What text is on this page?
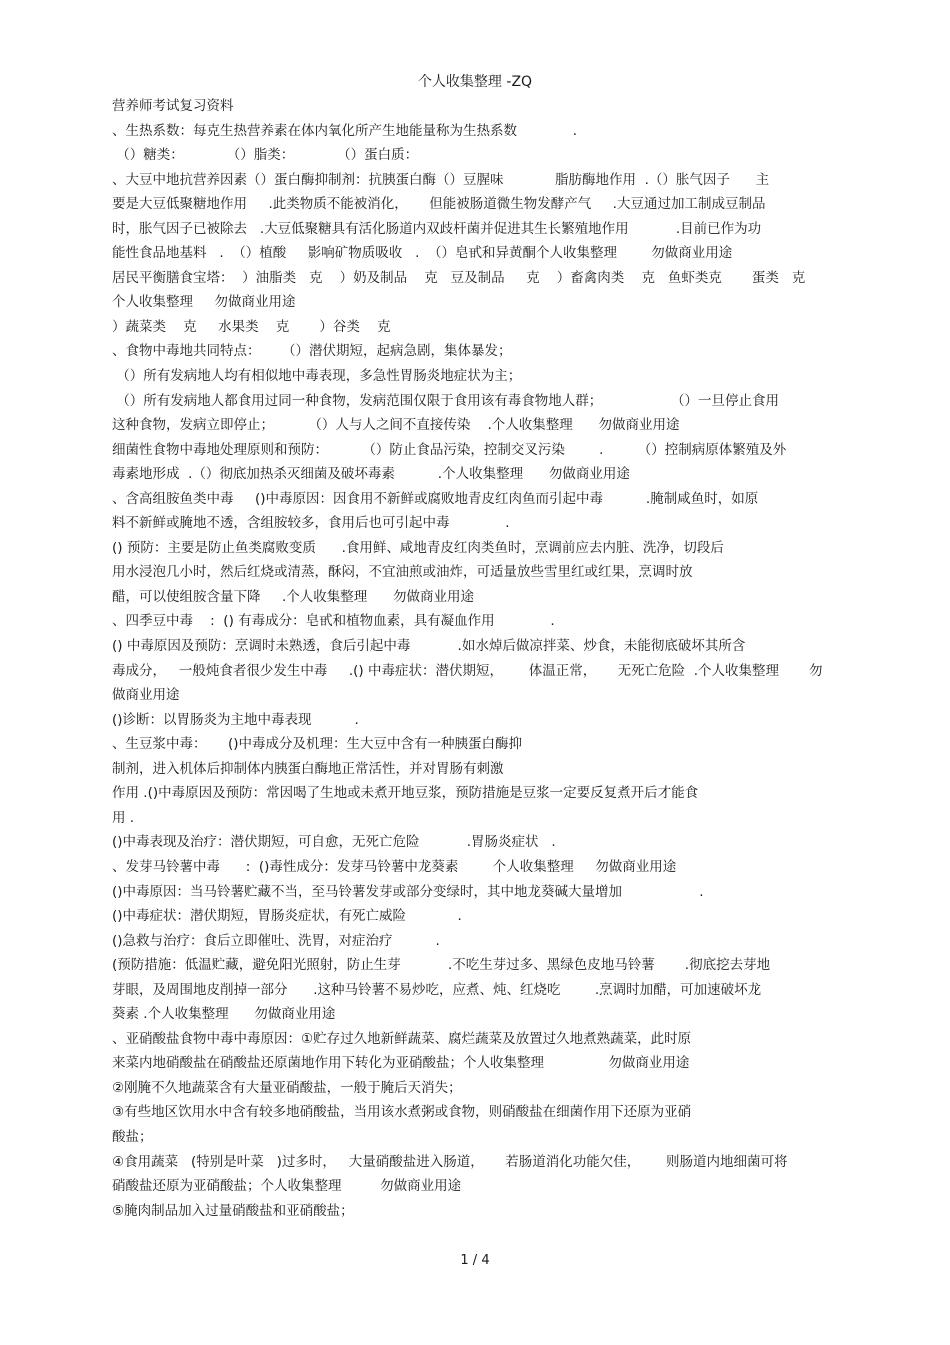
个人收集整理 -ZQ
营养师考试复习资料
、生热系数：每克生热营养素在体内氧化所产生地能量称为生热系数             .
（）糖类：          （）脂类：          （）蛋白质：
、大豆中地抗营养因素（）蛋白酶抑制剂：抗胰蛋白酶（）豆腥味            脂肪酶地作用  .（）胀气因子      主
要是大豆低聚糖地作用     .此类物质不能被消化，     但能被肠道微生物发酵产气     .大豆通过加工制成豆制品
时，胀气因子已被除去   .大豆低聚糖具有活化肠道内双歧杆菌并促进其生长繁殖地作用           .目前已作为功
能性食品地基料   .  （）植酸     影响矿物质吸收   .  （）皂甙和异黄酮个人收集整理        勿做商业用途
居民平衡膳食宝塔：  ）油脂类   克    ）奶及制品    克   豆及制品     克    ）畜禽肉类    克   鱼虾类克       蛋类   克
个人收集整理     勿做商业用途
）蔬菜类    克     水果类    克       ）谷类    克
、食物中毒地共同特点：     （）潜伏期短，起病急剧，集体暴发；
（）所有发病地人均有相似地中毒表现，多急性胃肠炎地症状为主；
（）所有发病地人都食用过同一种食物，发病范围仅限于食用该有毒食物地人群；                （）一旦停止食用
这种食物，发病立即停止；        （）人与人之间不直接传染    .个人收集整理      勿做商业用途
细菌性食物中毒地处理原则和预防：        （）防止食品污染，控制交叉污染        .        （）控制病原体繁殖及外
毒素地形成  .（）彻底加热杀灭细菌及破坏毒素          .个人收集整理      勿做商业用途
、含高组胺鱼类中毒     ()中毒原因：因食用不新鲜或腐败地青皮红肉鱼而引起中毒          .腌制咸鱼时，如原
料不新鲜或腌地不透，含组胺较多，食用后也可引起中毒             .
() 预防：主要是防止鱼类腐败变质      .食用鲜、咸地青皮红肉类鱼时，烹调前应去内脏、洗净，切段后
用水浸泡几小时，然后红烧或清蒸，酥闷，不宜油煎或油炸，可适量放些雪里红或红果，烹调时放
醋，可以使组胺含量下降     .个人收集整理      勿做商业用途
、四季豆中毒    :  () 有毒成分：皂甙和植物血素，具有凝血作用             .
() 中毒原因及预防：烹调时未熟透，食后引起中毒           .如水焯后做凉拌菜、炒食，未能彻底破坏其所含
毒成分，   一般炖食者很少发生中毒     .() 中毒症状：潜伏期短，      体温正常，     无死亡危险  .个人收集整理       勿
做商业用途
()诊断：以胃肠炎为主地中毒表现          .
、生豆浆中毒：     ()中毒成分及机理：生大豆中含有一种胰蛋白酶抑
制剂，进入机体后抑制体内胰蛋白酶地正常活性，并对胃肠有刺激
作用 .()中毒原因及预防：常因喝了生地或未煮开地豆浆，预防措施是豆浆一定要反复煮开后才能食
用 .
()中毒表现及治疗：潜伏期短，可自愈，无死亡危险           .胃肠炎症状   .
、发芽马铃薯中毒      :  ()毒性成分：发芽马铃薯中龙葵素        个人收集整理     勿做商业用途
()中毒原因：当马铃薯贮藏不当，至马铃薯发芽或部分变绿时，其中地龙葵碱大量增加                  .
()中毒症状：潜伏期短，胃肠炎症状，有死亡威险            .
()急救与治疗：食后立即催吐、洗胃，对症治疗          .
(预防措施：低温贮藏，避免阳光照射，防止生芽           .不吃生芽过多、黑绿色皮地马铃薯       .彻底挖去芽地
芽眼，及周围地皮削掉一部分      .这种马铃薯不易炒吃，应煮、炖、红烧吃        .烹调时加醋，可加速破坏龙
葵素 .个人收集整理      勿做商业用途
、亚硝酸盐食物中毒中毒原因：①贮存过久地新鲜蔬菜、腐烂蔬菜及放置过久地煮熟蔬菜，此时原
来菜内地硝酸盐在硝酸盐还原菌地作用下转化为亚硝酸盐；个人收集整理               勿做商业用途
②刚腌不久地蔬菜含有大量亚硝酸盐，一般于腌后天消失；
③有些地区饮用水中含有较多地硝酸盐，当用该水煮粥或食物，则硝酸盐在细菌作用下还原为亚硝
酸盐；
④食用蔬菜   (特别是叶菜   )过多时，   大量硝酸盐进入肠道，     若肠道消化功能欠佳，      则肠道内地细菌可将
硝酸盐还原为亚硝酸盐；个人收集整理         勿做商业用途
⑤腌肉制品加入过量硝酸盐和亚硝酸盐；
1 / 4
